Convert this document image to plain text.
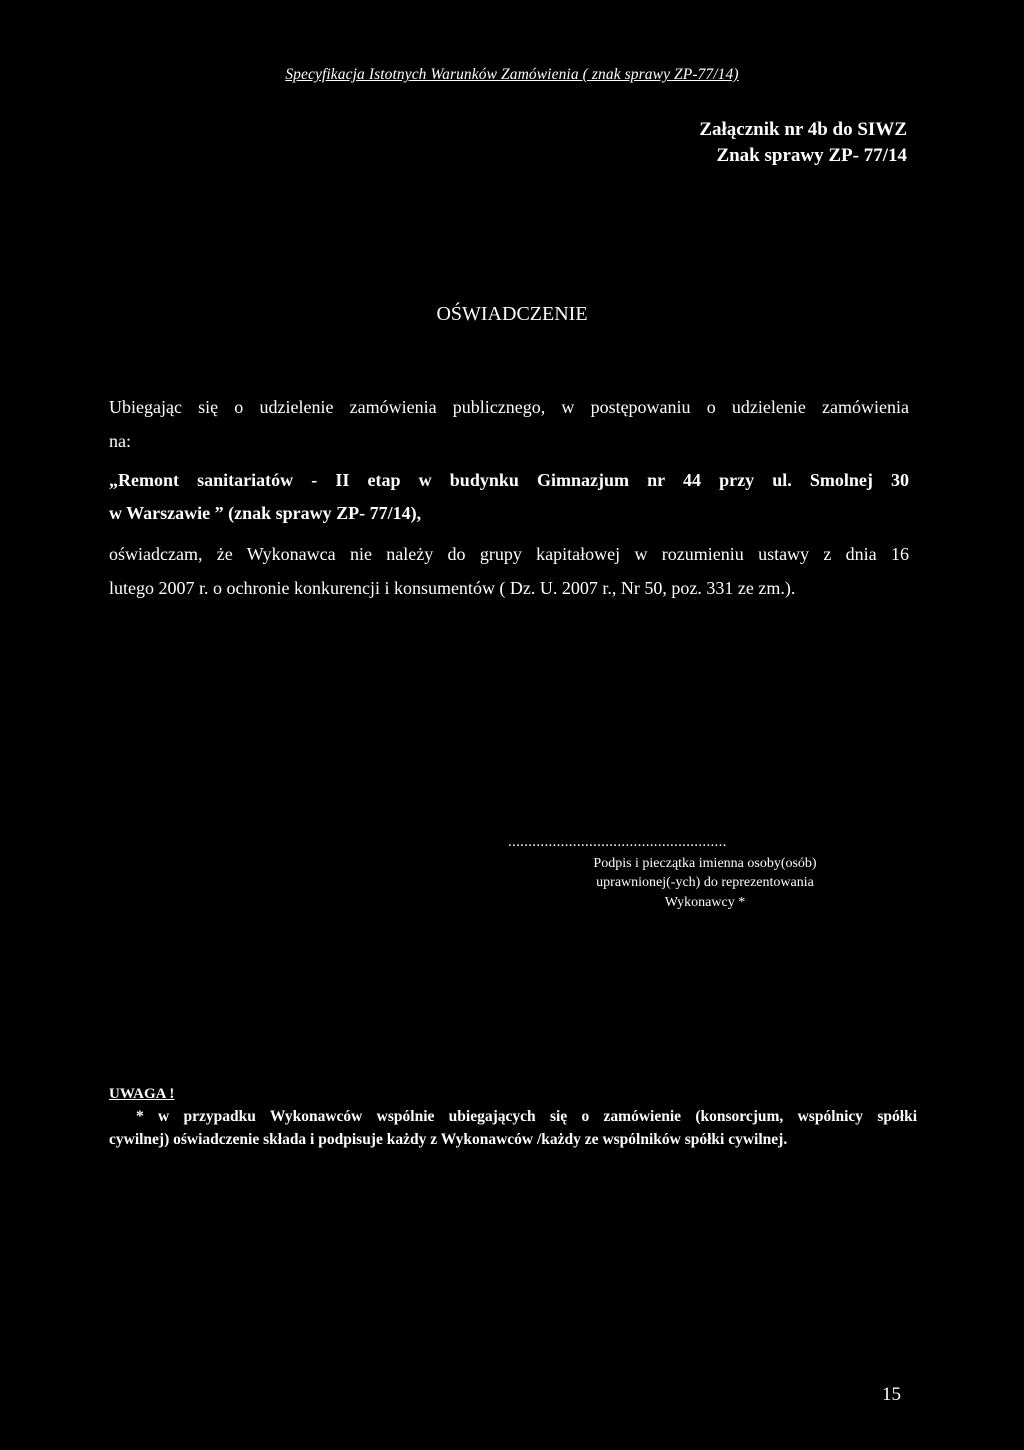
Specyfikacja Istotnych Warunków Zamówienia ( znak sprawy ZP-77/14)
Załącznik nr 4b do SIWZ
Znak sprawy ZP- 77/14
OŚWIADCZENIE
Ubiegając się o udzielenie zamówienia publicznego, w postępowaniu o udzielenie zamówienia
na:
„Remont sanitariatów - II etap w budynku Gimnazjum nr 44 przy ul. Smolnej 30
w Warszawie ” (znak sprawy ZP- 77/14),
oświadczam, że Wykonawca nie należy do grupy kapitałowej w rozumieniu ustawy z dnia 16
lutego 2007 r. o ochronie konkurencji i konsumentów ( Dz. U. 2007 r., Nr 50, poz. 331 ze zm.).
......................................................
Podpis i pieczątka imienna osoby(osób)
uprawnionej(-ych) do reprezentowania
Wykonawcy *
UWAGA !
* w przypadku Wykonawców wspólnie ubiegających się o zamówienie (konsorcjum, wspólnicy spółki
cywilnej) oświadczenie składa i podpisuje każdy z Wykonawców /każdy ze wspólników spółki cywilnej.
15
